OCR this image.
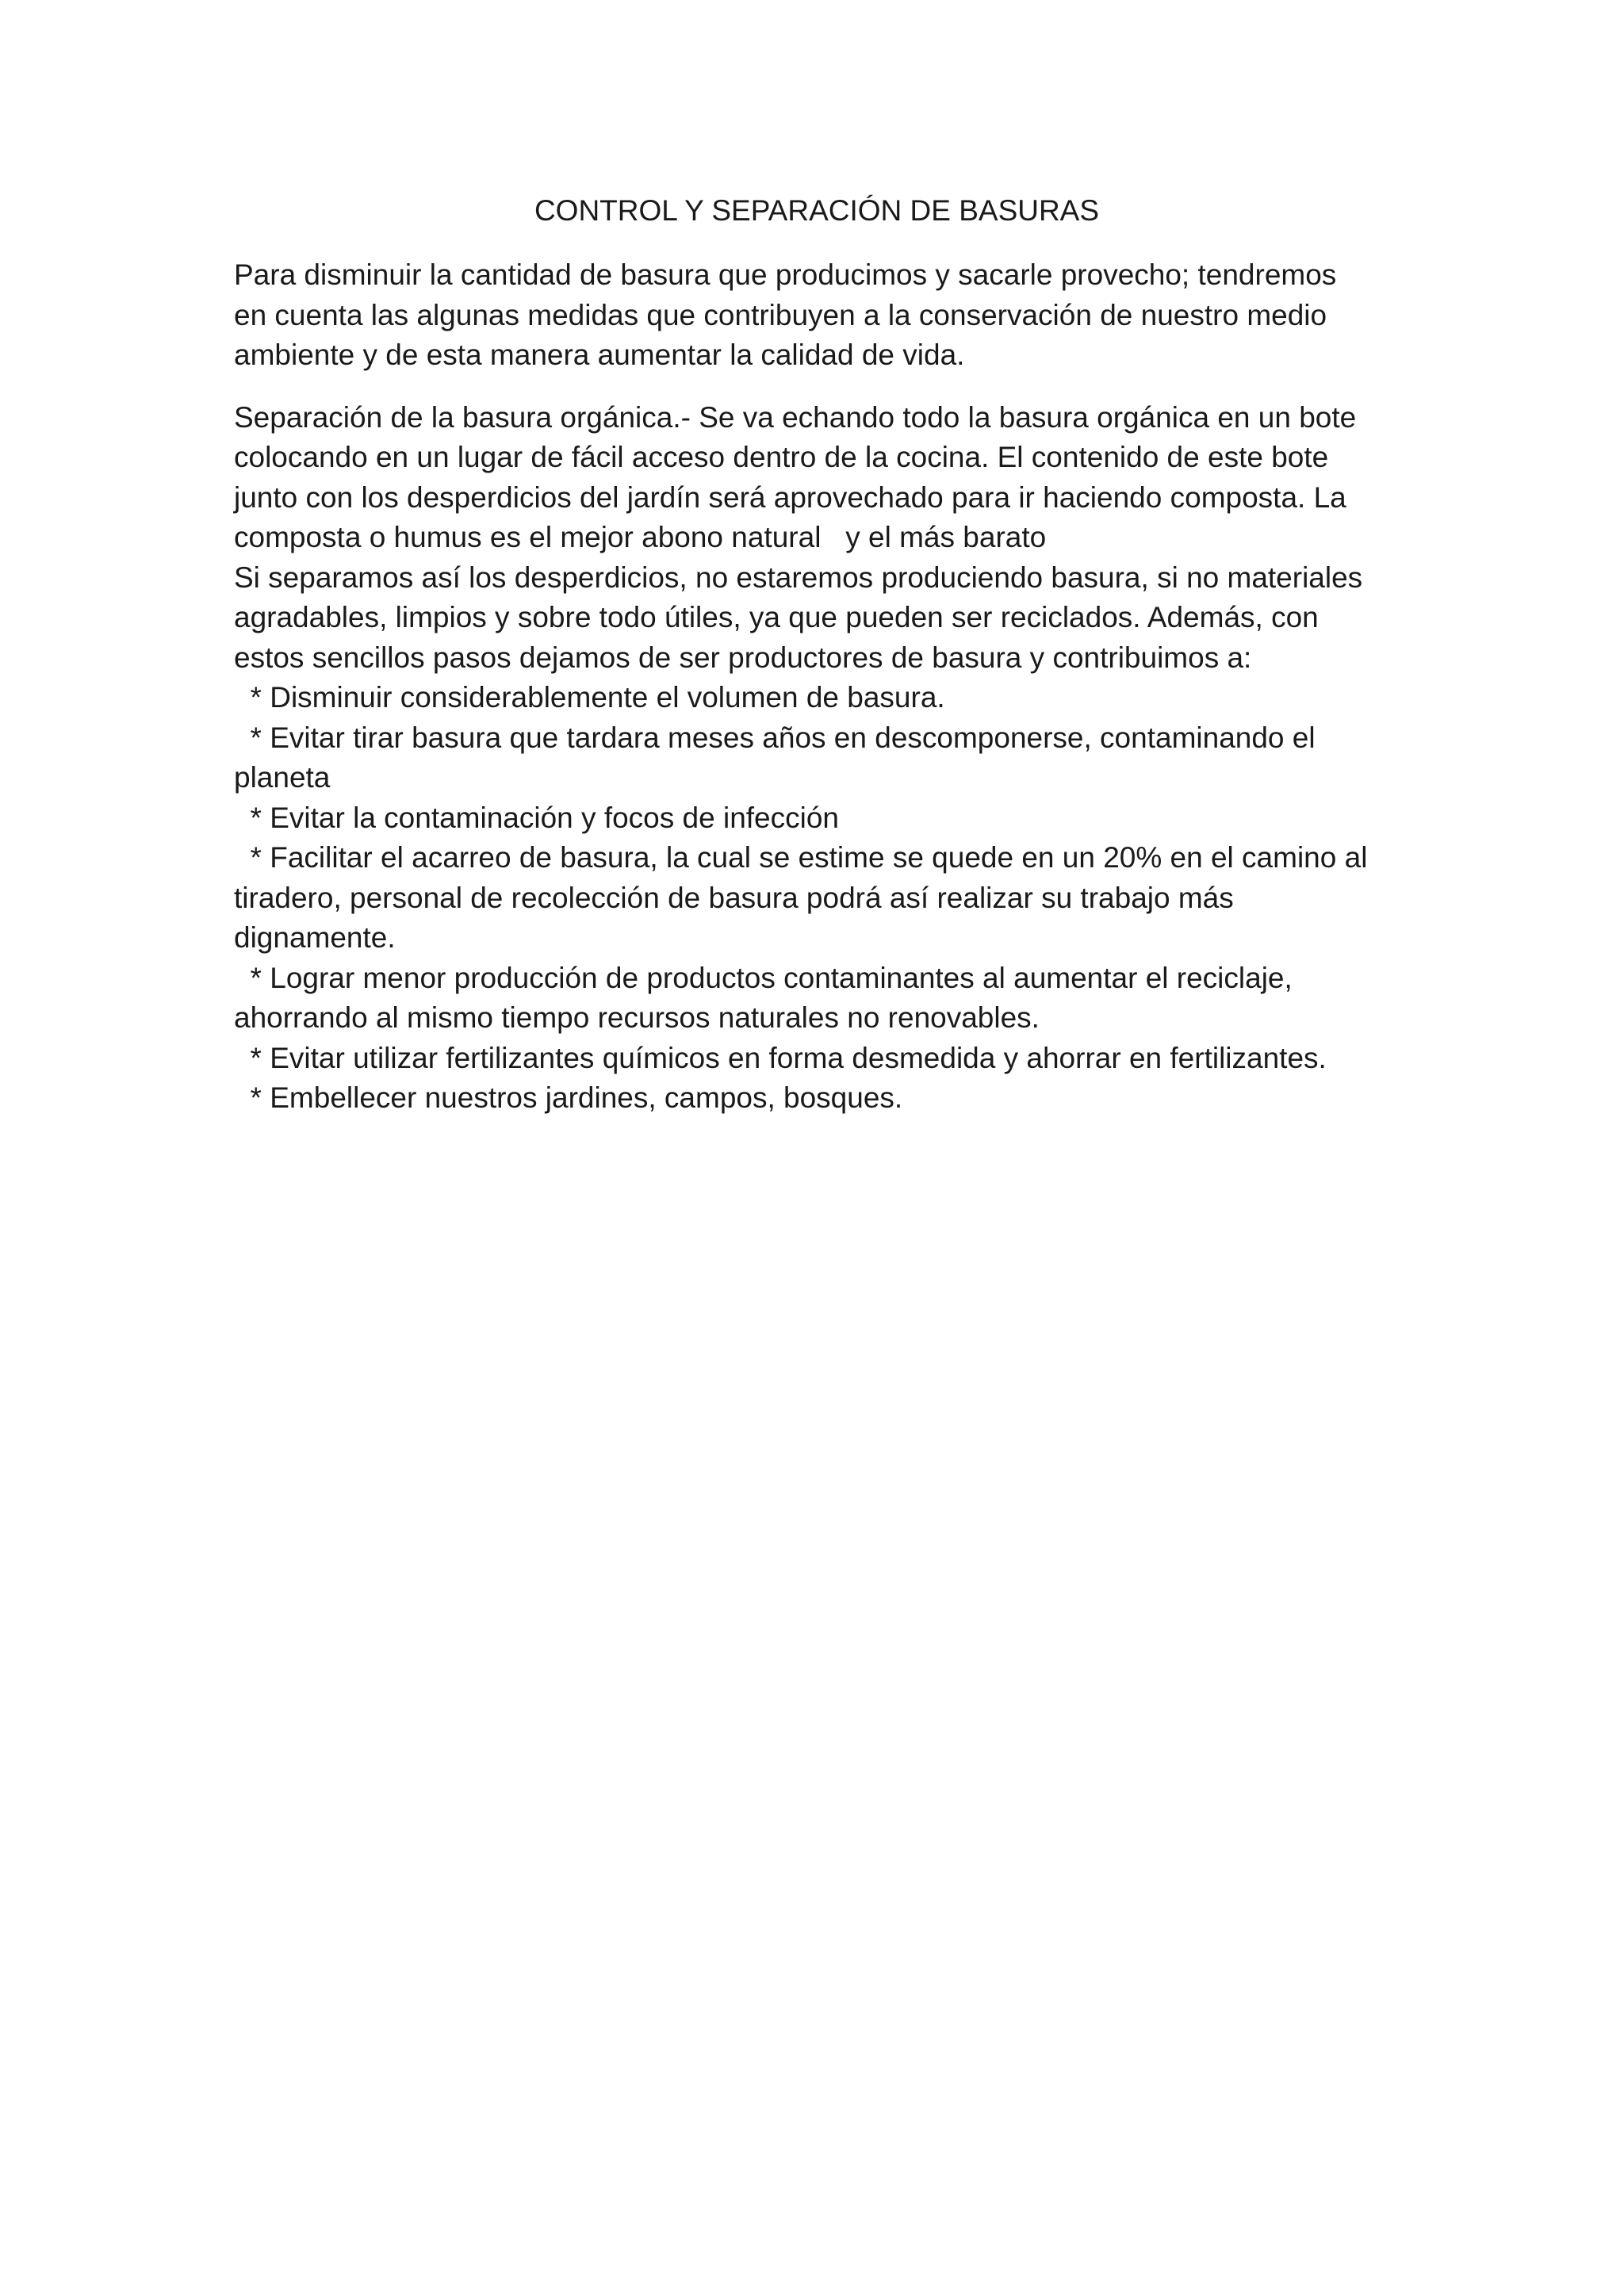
CONTROL Y SEPARACIÓN DE BASURAS
Para disminuir la cantidad de basura que producimos y sacarle provecho; tendremos
en cuenta las algunas medidas que contribuyen a la conservación de nuestro medio
ambiente y de esta manera aumentar la calidad de vida.
Separación de la basura orgánica.- Se va echando todo la basura orgánica en un bote
colocando en un lugar de fácil acceso dentro de la cocina. El contenido de este bote
junto con los desperdicios del jardín será aprovechado para ir haciendo composta. La
composta o humus es el mejor abono natural   y el más barato
Si separamos así los desperdicios, no estaremos produciendo basura, si no materiales
agradables, limpios y sobre todo útiles, ya que pueden ser reciclados. Además, con
estos sencillos pasos dejamos de ser productores de basura y contribuimos a:
* Disminuir considerablemente el volumen de basura.
* Evitar tirar basura que tardara meses años en descomponerse, contaminando el
planeta
* Evitar la contaminación y focos de infección
* Facilitar el acarreo de basura, la cual se estime se quede en un 20% en el camino al
tiradero, personal de recolección de basura podrá así realizar su trabajo más
dignamente.
* Lograr menor producción de productos contaminantes al aumentar el reciclaje,
ahorrando al mismo tiempo recursos naturales no renovables.
* Evitar utilizar fertilizantes químicos en forma desmedida y ahorrar en fertilizantes.
* Embellecer nuestros jardines, campos, bosques.
